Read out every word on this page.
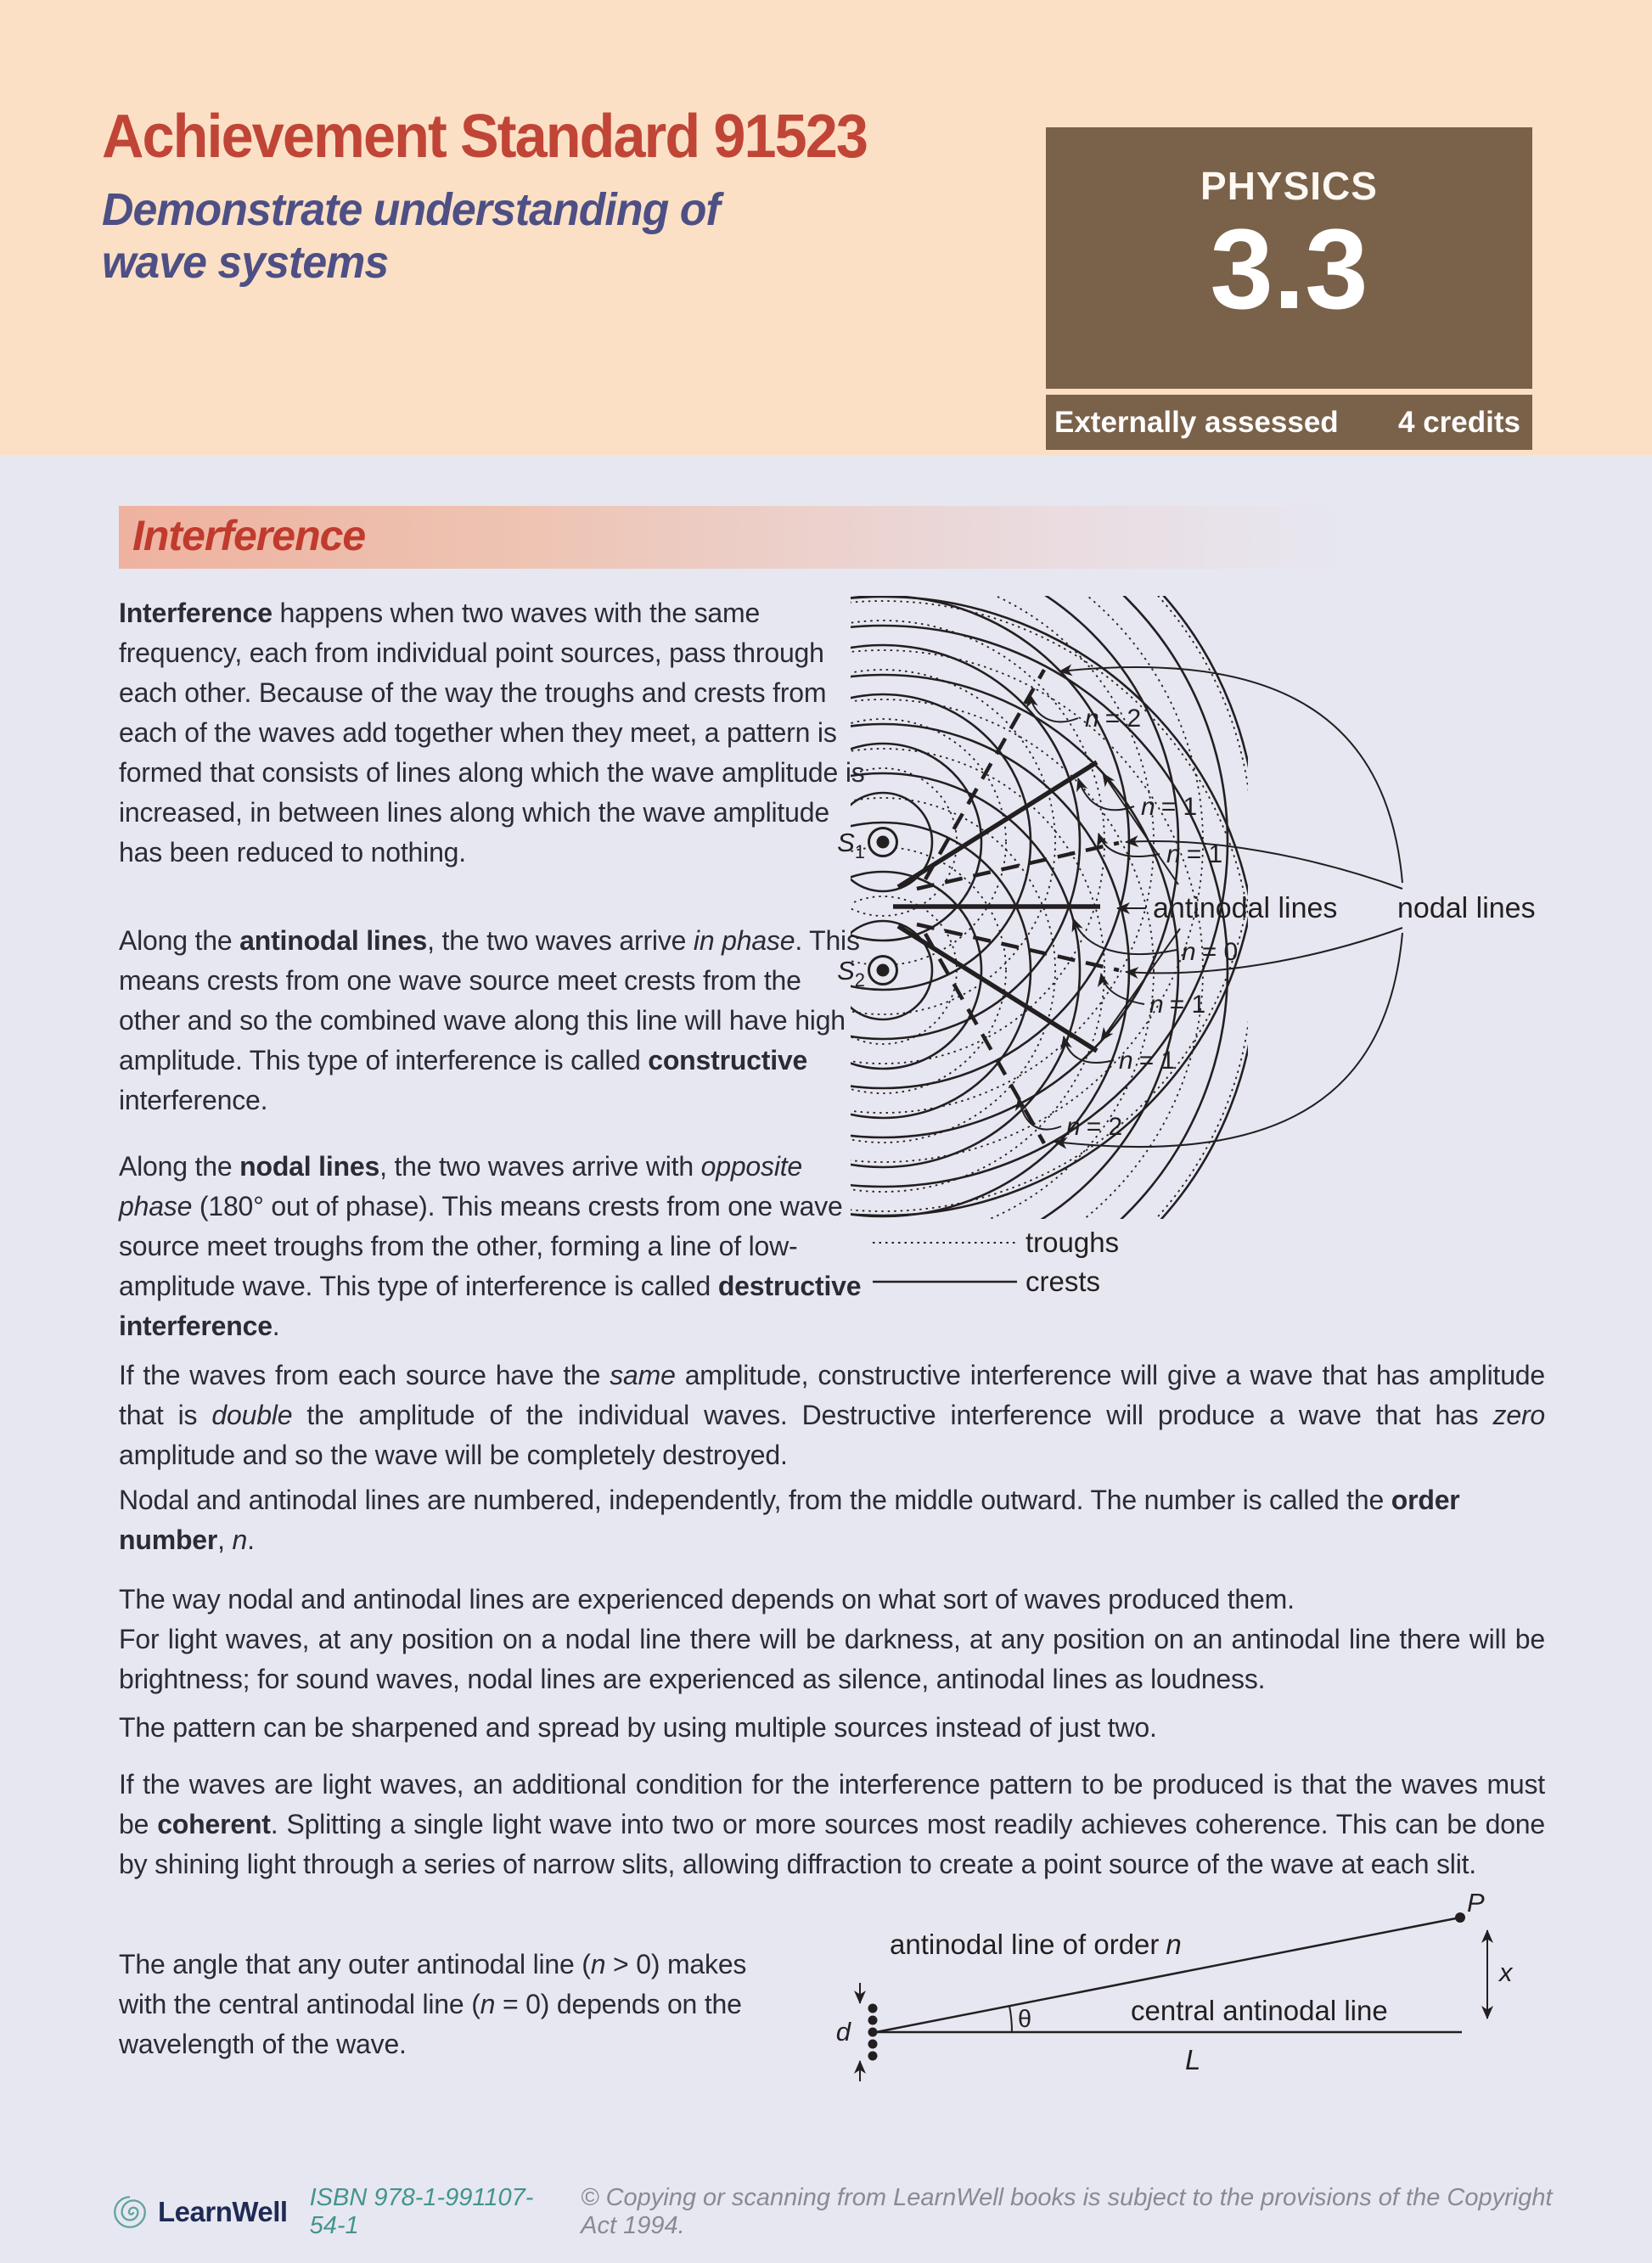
Achievement Standard 91523
Demonstrate understanding of
wave systems
PHYSICS
3.3
Externally assessed 4 credits
Interference
Interference happens when two waves with the same frequency, each from individual point sources, pass through each other. Because of the way the troughs and crests from each of the waves add together when they meet, a pattern is formed that consists of lines along which the wave amplitude is increased, in between lines along which the wave amplitude has been reduced to nothing.
Along the antinodal lines, the two waves arrive in phase. This means crests from one wave source meet crests from the other and so the combined wave along this line will have high amplitude. This type of interference is called constructive interference.
Along the nodal lines, the two waves arrive with opposite phase (180° out of phase). This means crests from one wave source meet troughs from the other, forming a line of low-amplitude wave. This type of interference is called destructive interference.
If the waves from each source have the same amplitude, constructive interference will give a wave that has amplitude that is double the amplitude of the individual waves. Destructive interference will produce a wave that has zero amplitude and so the wave will be completely destroyed.
Nodal and antinodal lines are numbered, independently, from the middle outward. The number is called the order number, n.
The way nodal and antinodal lines are experienced depends on what sort of waves produced them.
For light waves, at any position on a nodal line there will be darkness, at any position on an antinodal line there will be brightness; for sound waves, nodal lines are experienced as silence, antinodal lines as loudness.
The pattern can be sharpened and spread by using multiple sources instead of just two.
If the waves are light waves, an additional condition for the interference pattern to be produced is that the waves must be coherent. Splitting a single light wave into two or more sources most readily achieves coherence. This can be done by shining light through a series of narrow slits, allowing diffraction to create a point source of the wave at each slit.
The angle that any outer antinodal line (n > 0) makes with the central antinodal line (n = 0) depends on the wavelength of the wave.
$S_1$
$S_2$
n = 2
n = 1
n = 1
n = 0
n = 1
n = 1
n = 2
antinodal lines nodal lines
troughs
crests
d
P
x
θ
antinodal line of order n
central antinodal line
L
LearnWell ISBN 978-1-991107-54-1
© Copying or scanning from LearnWell books is subject to the provisions of the Copyright Act 1994.
